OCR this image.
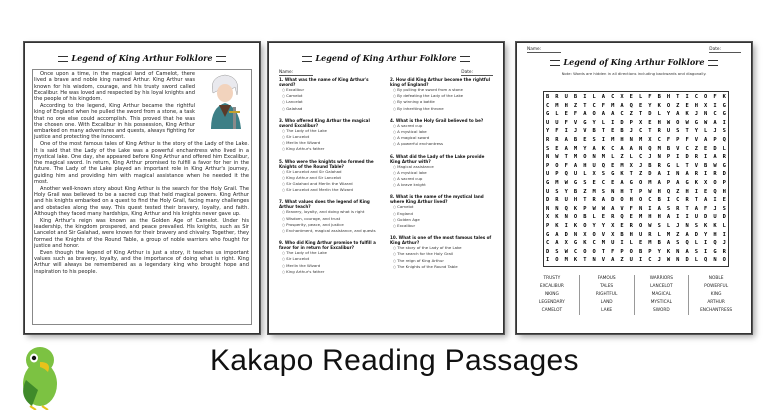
Legend of King Arthur Folklore

Once upon a time, in the magical land of Camelot, there lived a brave and noble king named Arthur. King Arthur was known for his wisdom, courage, and his trusty sword called Excalibur. He was loved and respected by his loyal knights and the people of his kingdom.

According to the legend, King Arthur became the rightful king of England when he pulled the sword from a stone, a task that no one else could accomplish. This proved that he was the chosen one. With Excalibur in his possession, King Arthur embarked on many adventures and quests, always fighting for justice and protecting the innocent.

One of the most famous tales of King Arthur is the story of the Lady of the Lake. It is said that the Lady of the Lake was a powerful enchantress who lived in a mystical lake. One day, she appeared before King Arthur and offered him Excalibur, the magical sword. In return, King Arthur promised to fulfill a favor for her in the future. The Lady of the Lake played an important role in King Arthur's journey, guiding him and providing him with magical assistance when he needed it the most.

Another well-known story about King Arthur is the search for the Holy Grail. The Holy Grail was believed to be a sacred cup that held magical powers. King Arthur and his knights embarked on a quest to find the Holy Grail, facing many challenges and obstacles along the way. This quest tested their bravery, loyalty, and faith. Although they faced many hardships, King Arthur and his knights never gave up.

King Arthur's reign was known as the Golden Age of Camelot. Under his leadership, the kingdom prospered, and peace prevailed. His knights, such as Sir Lancelot and Sir Galahad, were known for their bravery and chivalry. Together, they formed the Knights of the Round Table, a group of noble warriors who fought for justice and honor.

Even though the legend of King Arthur is just a story, it teaches us important values such as bravery, loyalty, and the importance of doing what is right. King Arthur will always be remembered as a legendary king who brought hope and inspiration to his people.

Legend of King Arthur Folklore
Name:	Date:
1. What was the name of King Arthur's sword?
○ Excalibur
○ Camelot
○ Lancelot
○ Galahad
3. Who offered King Arthur the magical sword Excalibur?
○ The Lady of the Lake
○ Sir Lancelot
○ Merlin the Wizard
○ King Arthur's father
5. Who were the knights who formed the Knights of the Round Table?
○ Sir Lancelot and Sir Galahad
○ King Arthur and Sir Lancelot
○ Sir Galahad and Merlin the Wizard
○ Sir Lancelot and Merlin the Wizard
7. What values does the legend of King Arthur teach?
○ Bravery, loyalty, and doing what is right
○ Wisdom, courage, and trust
○ Prosperity, peace, and justice
○ Enchantment, magical assistance, and quests
9. Who did King Arthur promise to fulfill a favor for in return for Excalibur?
○ The Lady of the Lake
○ Sir Lancelot
○ Merlin the Wizard
○ King Arthur's father
2. How did King Arthur become the rightful king of England?
○ By pulling the sword from a stone
○ By defeating the Lady of the Lake
○ By winning a battle
○ By inheriting the throne
4. What is the Holy Grail believed to be?
○ A sacred cup
○ A mystical lake
○ A magical sword
○ A powerful enchantress
6. What did the Lady of the Lake provide King Arthur with?
○ Magical assistance
○ A mystical lake
○ A sacred cup
○ A brave knight
8. What is the name of the mystical land where King Arthur lived?
○ Camelot
○ England
○ Golden Age
○ Excalibur
10. What is one of the most famous tales of King Arthur?
○ The story of the Lady of the Lake
○ The search for the Holy Grail
○ The reign of King Arthur
○ The Knights of the Round Table
Name:	Date:
Legend of King Arthur Folklore
Note: Words are hidden in all directions including backwards and diagonally.
B R U B I L A C X E L F B H T I C O F K
C M H Z T C F M A Q E Y K O Z E H X I G
G L E F A O A A C Z T D L Y A K J N C G
U U F V G Y L I D P X E H W O W G W A I
Y F I J V B T E B J C T R U S T Y L J S
R R A B E S I M H N M X C F P F V A P Q
S E A M Y A K C A A N Q M B V C Z E D L
N W T M O N M L Z L C J N P I D R I A R
P O F A H U Q E M X J B R G L T V B W G
U P Q U L X S G K T Z D A I N A R I R D
G M W G S E C E A G O M A P A G K X O P
U S Y B Z M S N H T P W H Q Z H I E Q H
D R U H T R A D O H O C B I C R T A I E
N N Q K P W W A V F N I A S R T A F J S
X K N O B L E R Q E M H H A I I U D U D
P K I K O Y Y X E R O W S L J N S K K L
G A D N X O V X B H U R L M Z A D Y H I
C A X G K C M U I L E M B A S Q L I Q J
D S W C O O T F P O B P Y K N A S I G R
I O M K T N V A Z U I C J W N D L Q N O
TRUSTY
EXCALIBUR
NKING
LEGENDARY
CAMELOT
FAMOUS
TALES
RIGHTFUL
LAND
LAKE
WARRIORS
LANCELOT
MAGICAL
MYSTICAL
SWORD
NOBLE
POWERFUL
KING
ARTHUR
ENCHANTRESS
Kakapo Reading Passages
